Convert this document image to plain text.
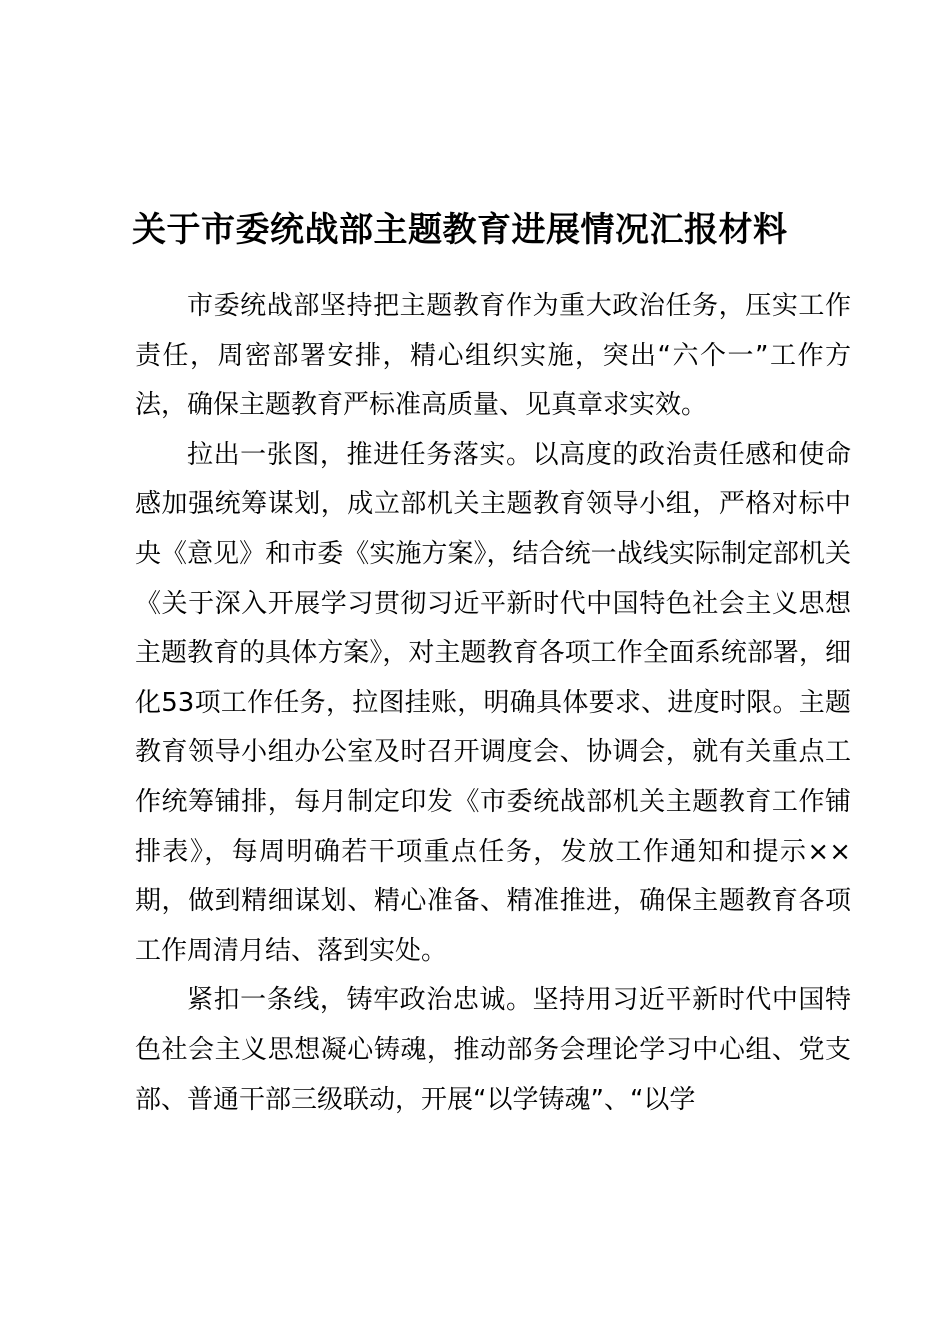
关于市委统战部主题教育进展情况汇报材料

市委统战部坚持把主题教育作为重大政治任务，压实工作责任，周密部署安排，精心组织实施，突出“六个一”工作方法，确保主题教育严标准高质量、见真章求实效。

拉出一张图，推进任务落实。以高度的政治责任感和使命感加强统筹谋划，成立部机关主题教育领导小组，严格对标中央《意见》和市委《实施方案》，结合统一战线实际制定部机关《关于深入开展学习贯彻习近平新时代中国特色社会主义思想主题教育的具体方案》，对主题教育各项工作全面系统部署，细化53项工作任务，拉图挂账，明确具体要求、进度时限。主题教育领导小组办公室及时召开调度会、协调会，就有关重点工作统筹铺排，每月制定印发《市委统战部机关主题教育工作铺排表》，每周明确若干项重点任务，发放工作通知和提示××期，做到精细谋划、精心准备、精准推进，确保主题教育各项工作周清月结、落到实处。

紧扣一条线，铸牢政治忠诚。坚持用习近平新时代中国特色社会主义思想凝心铸魂，推动部务会理论学习中心组、党支部、普通干部三级联动，开展“以学铸魂”、“以学
